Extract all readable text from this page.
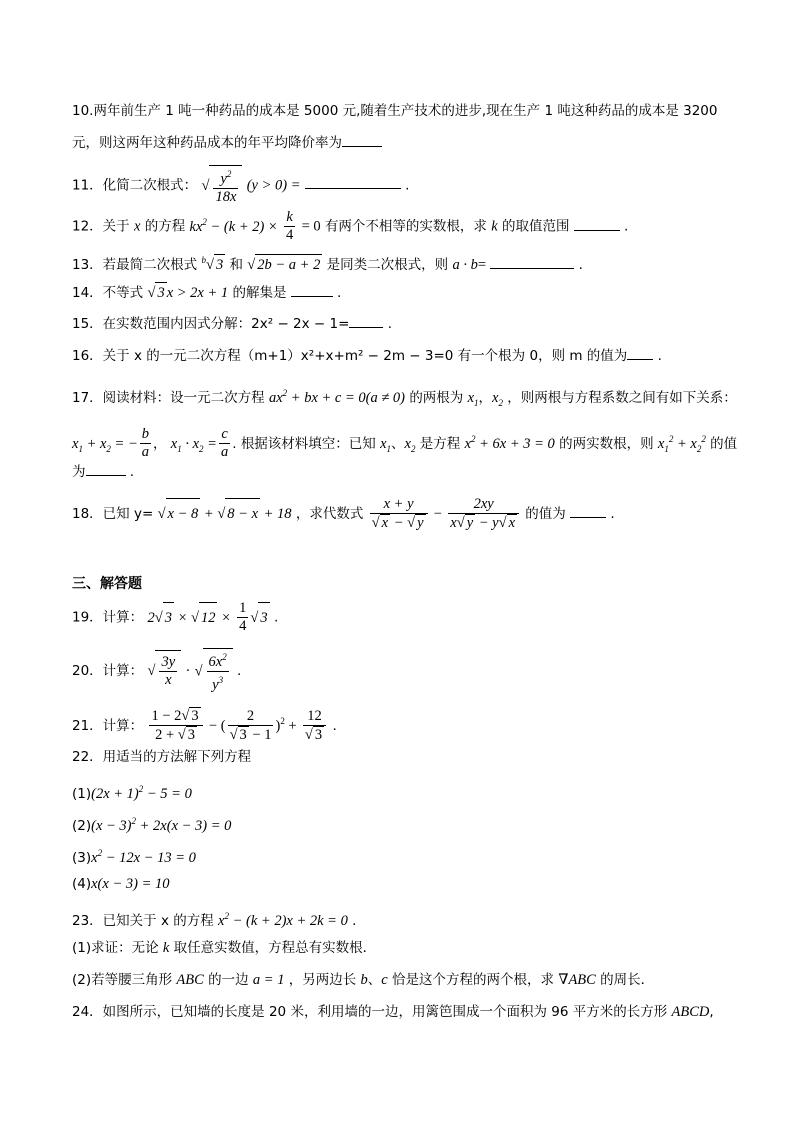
10.两年前生产 1 吨一种药品的成本是 5000 元,随着生产技术的进步,现在生产 1 吨这种药品的成本是 3200
元，则这两年这种药品成本的年平均降价率为
11．化简二次根式： √ $\frac{y^2}{18x} (y > 0)$ =	.
12．关于 x 的方程 $kx^2 - (k + 2) \times \frac{k}{4} = 0$ 有两个不相等的实数根，求 k 的取值范围	.
13．若最简二次根式 $^b$√ 3 和 √ 2b − a + 2 是同类二次根式，则 a · b=	.
14．不等式 √ 3 x > 2x + 1 的解集是	.
15．在实数范围内因式分解：2x² − 2x − 1=	.
16．关于 x 的一元二次方程（m+1）x²+x+m² − 2m − 3=0 有一个根为 0，则 m 的值为 .
17．阅读材料：设一元二次方程 $ax^2$ + bx + c = 0(a ≠ 0) 的两根为 $x_1$，$x_2$ ，则两根与方程系数之间有如下关系：
$x_1 + x_2$ = − $\frac{b}{a}$ ， $x_1 \cdot x_2 = \frac{c}{a}$ . 根据该材料填空：已知 $x_1$、$x_2$ 是方程 $x^2 + 6x + 3 = 0$ 的两实数根，则 $x_1^2 + x_2^2$ 的值
为	.
18．已知 y= √ x − 8 + √ 8 − x + 18 ，求代数式 $\frac{x + y}{√ x - √ y} - \frac{2xy}{x√ y - y√ x}$ 的值为	.
三、解答题
19．计算： 2√ 3 × √ $12 \times \frac{1}{4}$ √ 3 .
20．计算： √ $\frac{3y}{x}$ · √ $\frac{6x^2}{y^3}$ .
21．计算： $\frac{1 - 2√ 3}{2 + √ 3}$ − ( $\frac{2}{√ 3 - 1} )^2 + \frac{12}{√ 3}$ .
22．用适当的方法解下列方程
$(1)(2x + 1)^2 - 5 = 0$
$(2)(x - 3)^2 + 2x(x - 3) = 0$
$(3)x^2 - 12x - 13 = 0$
(4)x(x − 3) = 10
23．已知关于 x 的方程 $x^2 - (k + 2)x + 2k = 0$ .
(1)求证：无论 k 取任意实数值，方程总有实数根．
(2)若等腰三角形 ABC 的一边 a = 1 ，另两边长 b、c 恰是这个方程的两个根，求 ∇ABC 的周长．
24．如图所示，已知墙的长度是 20 米，利用墙的一边，用篱笆围成一个面积为 96 平方米的长方形 ABCD,
